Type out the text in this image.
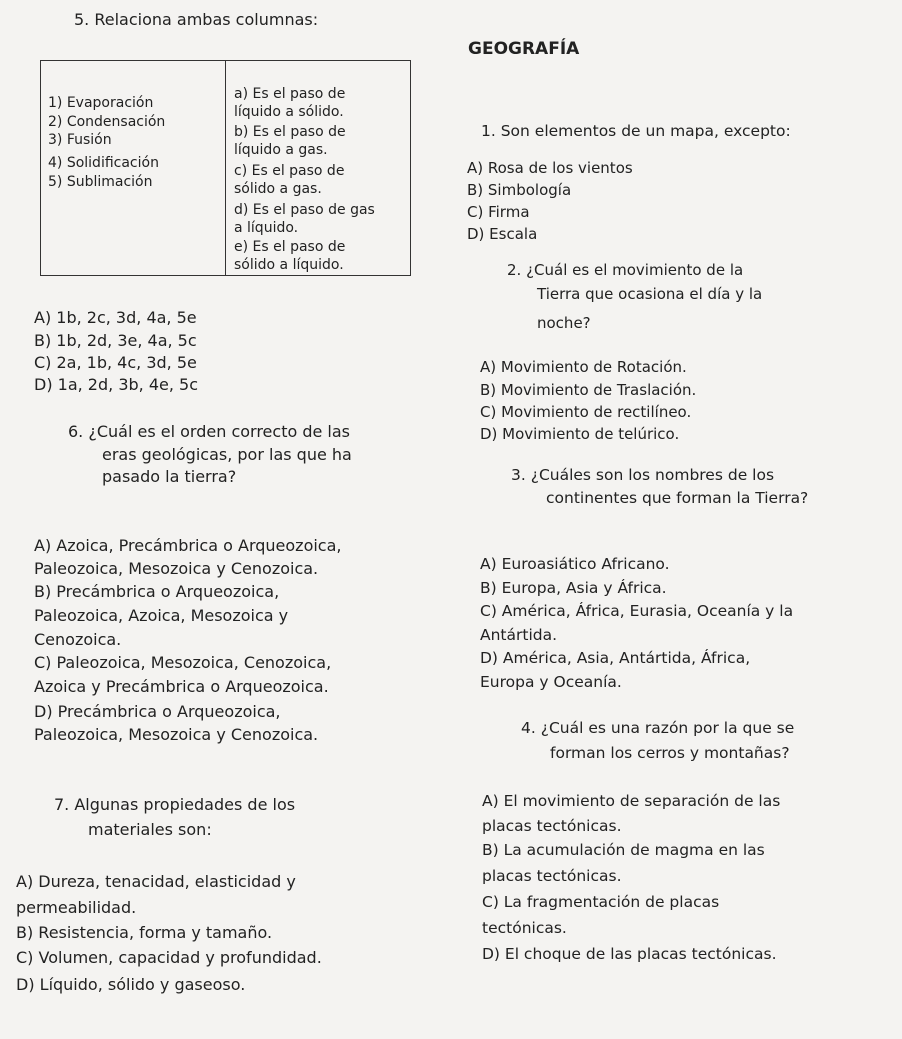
5. Relaciona ambas columnas:
1) Evaporación
2) Condensación
3) Fusión
4) Solidificación
5) Sublimación
a) Es el paso de
líquido a sólido.
b) Es el paso de
líquido a gas.
c) Es el paso de
sólido a gas.
d) Es el paso de gas
a líquido.
e) Es el paso de
sólido a líquido.
A) 1b, 2c, 3d, 4a, 5e
B) 1b, 2d, 3e, 4a, 5c
C) 2a, 1b, 4c, 3d, 5e
D) 1a, 2d, 3b, 4e, 5c
6. ¿Cuál es el orden correcto de las
eras geológicas, por las que ha
pasado la tierra?
A) Azoica, Precámbrica o Arqueozoica,
Paleozoica, Mesozoica y Cenozoica.
B) Precámbrica o Arqueozoica,
Paleozoica, Azoica, Mesozoica y
Cenozoica.
C) Paleozoica, Mesozoica, Cenozoica,
Azoica y Precámbrica o Arqueozoica.
D) Precámbrica o Arqueozoica,
Paleozoica, Mesozoica y Cenozoica.
7. Algunas propiedades de los
materiales son:
A) Dureza, tenacidad, elasticidad y
permeabilidad.
B) Resistencia, forma y tamaño.
C) Volumen, capacidad y profundidad.
D) Líquido, sólido y gaseoso.
GEOGRAFÍA
1. Son elementos de un mapa, excepto:
A) Rosa de los vientos
B) Simbología
C) Firma
D) Escala
2. ¿Cuál es el movimiento de la
Tierra que ocasiona el día y la
noche?
A) Movimiento de Rotación.
B) Movimiento de Traslación.
C) Movimiento de rectilíneo.
D) Movimiento de telúrico.
3. ¿Cuáles son los nombres de los
continentes que forman la Tierra?
A) Euroasiático Africano.
B) Europa, Asia y África.
C) América, África, Eurasia, Oceanía y la
Antártida.
D) América, Asia, Antártida, África,
Europa y Oceanía.
4. ¿Cuál es una razón por la que se
forman los cerros y montañas?
A) El movimiento de separación de las
placas tectónicas.
B) La acumulación de magma en las
placas tectónicas.
C) La fragmentación de placas
tectónicas.
D) El choque de las placas tectónicas.
